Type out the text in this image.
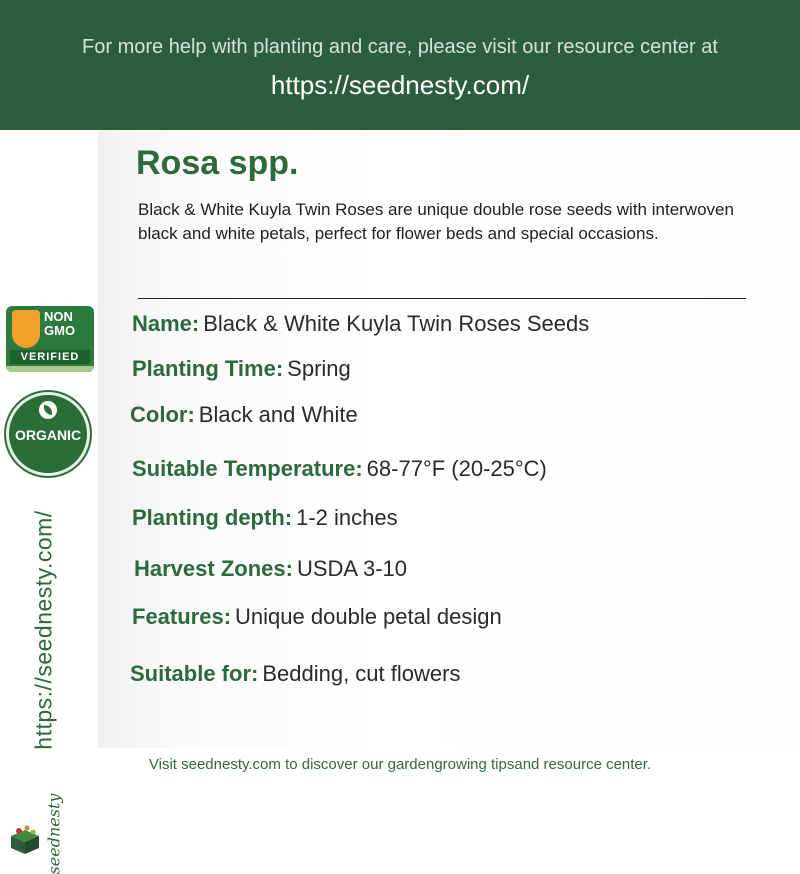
For more help with planting and care, please visit our resource center at
https://seednesty.com/
NON GMO
VERIFIED
ORGANIC
https://seednesty.com/
seednesty
Rosa spp.

Black & White Kuyla Twin Roses are unique double rose seeds with interwoven black and white petals, perfect for flower beds and special occasions.

Name: Black & White Kuyla Twin Roses Seeds
Planting Time: Spring
Color: Black and White
Suitable Temperature: 68-77°F (20-25°C)
Planting depth: 1-2 inches
Harvest Zones: USDA 3-10
Features: Unique double petal design
Suitable for: Bedding, cut flowers
Visit seednesty.com to discover our gardengrowing tipsand resource center.
